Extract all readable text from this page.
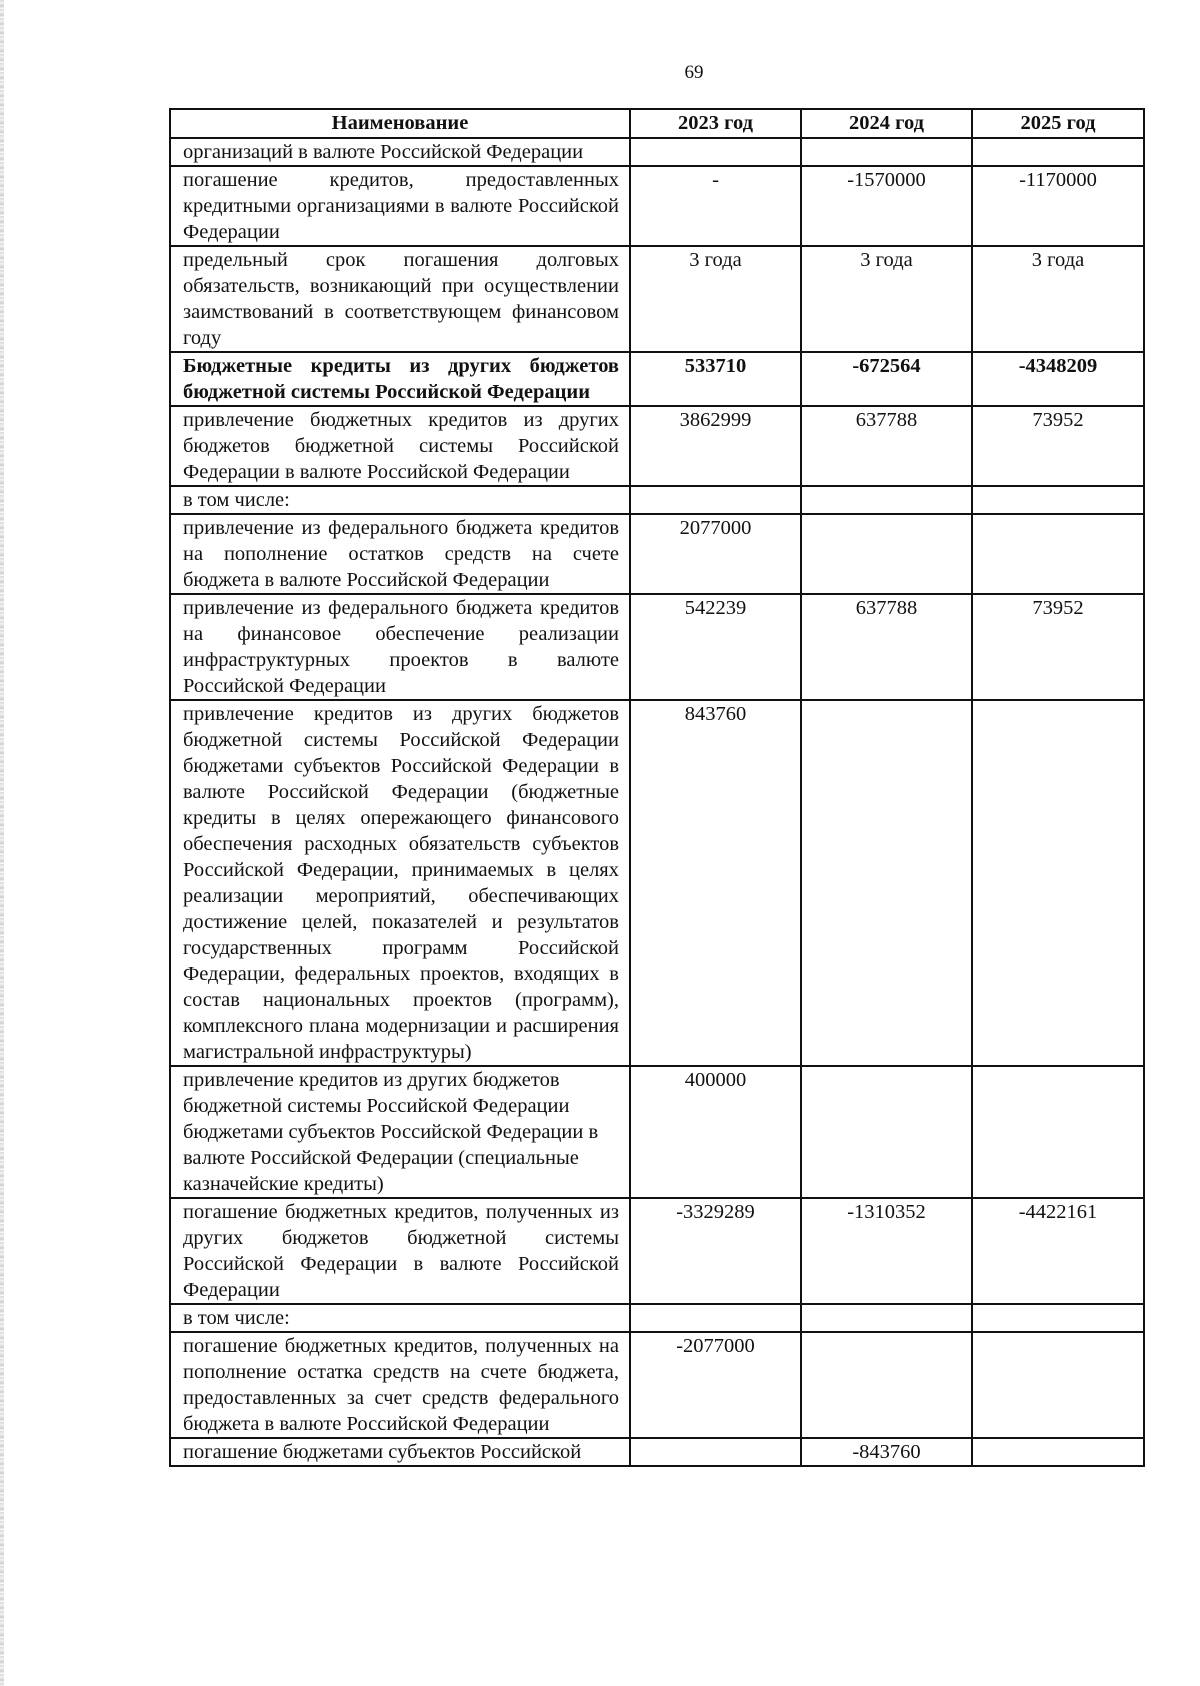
69
Наименование	2023 год	2024 год	2025 год
организаций в валюте Российской Федерации			
погашение кредитов, предоставленных кредитными организациями в валюте Российской Федерации	-	-1570000	-1170000
предельный срок погашения долговых обязательств, возникающий при осуществлении заимствований в соответствующем финансовом году	3 года	3 года	3 года
Бюджетные кредиты из других бюджетов бюджетной системы Российской Федерации	533710	-672564	-4348209
привлечение бюджетных кредитов из других бюджетов бюджетной системы Российской Федерации в валюте Российской Федерации	3862999	637788	73952
в том числе:			
привлечение из федерального бюджета кредитов на пополнение остатков средств на счете бюджета в валюте Российской Федерации	2077000		
привлечение из федерального бюджета кредитов на финансовое обеспечение реализации инфраструктурных проектов в валюте Российской Федерации	542239	637788	73952
привлечение кредитов из других бюджетов бюджетной системы Российской Федерации бюджетами субъектов Российской Федерации в валюте Российской Федерации (бюджетные кредиты в целях опережающего финансового обеспечения расходных обязательств субъектов Российской Федерации, принимаемых в целях реализации мероприятий, обеспечивающих достижение целей, показателей и результатов государственных программ Российской Федерации, федеральных проектов, входящих в состав национальных проектов (программ), комплексного плана модернизации и расширения магистральной инфраструктуры)	843760		
привлечение кредитов из других бюджетов бюджетной системы Российской Федерации бюджетами субъектов Российской Федерации в валюте Российской Федерации (специальные казначейские кредиты)	400000		
погашение бюджетных кредитов, полученных из других бюджетов бюджетной системы Российской Федерации в валюте Российской Федерации	-3329289	-1310352	-4422161
в том числе:			
погашение бюджетных кредитов, полученных на пополнение остатка средств на счете бюджета, предоставленных за счет средств федерального бюджета в валюте Российской Федерации	-2077000		
погашение бюджетами субъектов Российской		-843760	
